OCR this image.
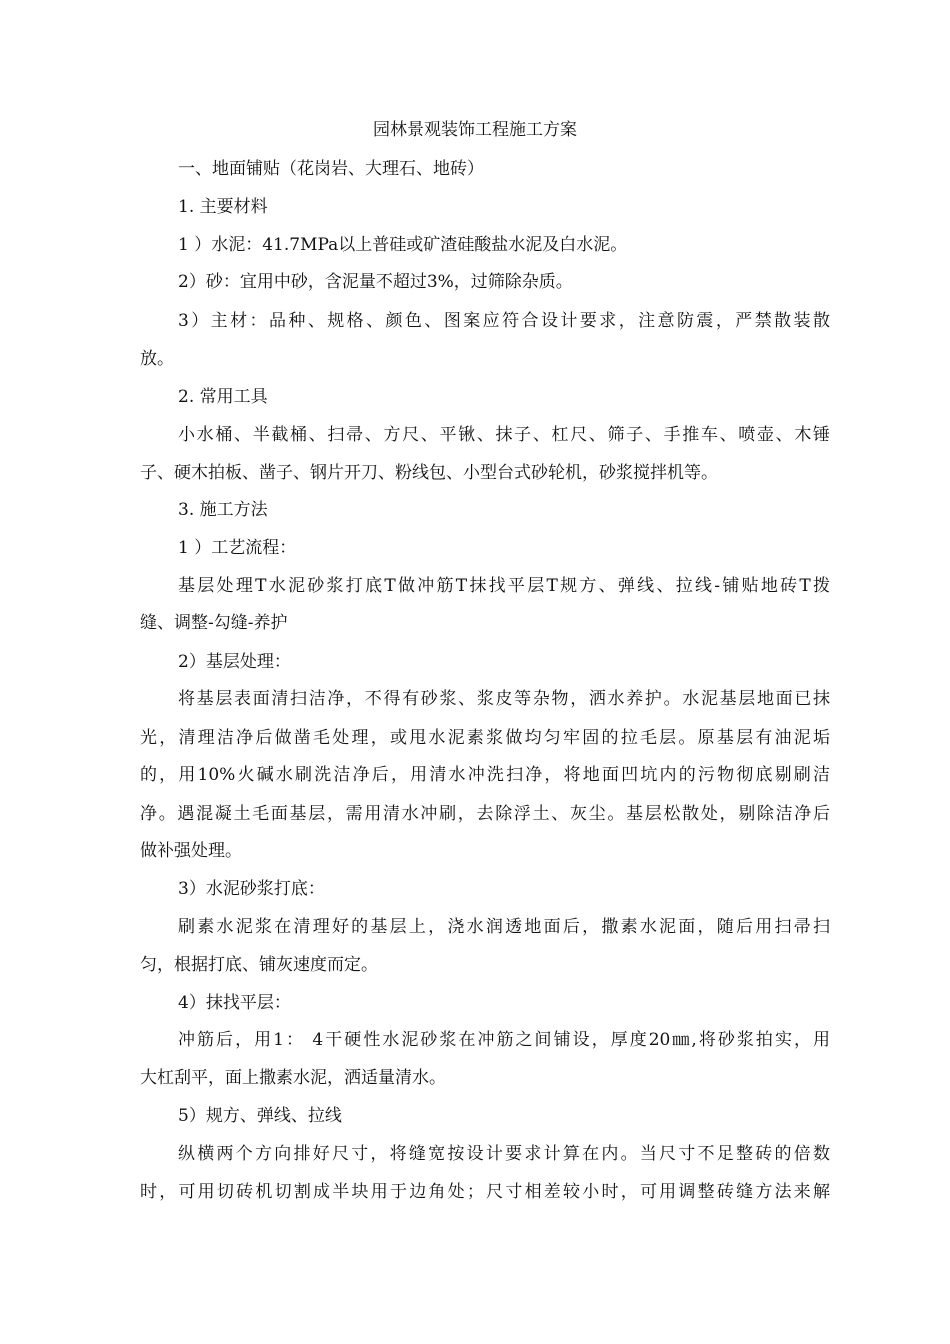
园林景观装饰工程施工方案
一、地面铺贴（花岗岩、大理石、地砖）
1. 主要材料
1 ）水泥：41.7MPa以上普硅或矿渣硅酸盐水泥及白水泥。
2）砂：宜用中砂，含泥量不超过3%，过筛除杂质。
3）主材：品种、规格、颜色、图案应符合设计要求，注意防震，严禁散装散
放。
2. 常用工具
小水桶、半截桶、扫帚、方尺、平锹、抹子、杠尺、筛子、手推车、喷壶、木锤
子、硬木拍板、凿子、钢片开刀、粉线包、小型台式砂轮机，砂浆搅拌机等。
3. 施工方法
1 ）工艺流程：
基层处理T水泥砂浆打底T做冲筋T抹找平层T规方、弹线、拉线-铺贴地砖T拨
缝、调整-勾缝-养护
2）基层处理：
将基层表面清扫洁净，不得有砂浆、浆皮等杂物，洒水养护。水泥基层地面已抹
光，清理洁净后做凿毛处理，或甩水泥素浆做均匀牢固的拉毛层。原基层有油泥垢
的，用10%火碱水刷洗洁净后，用清水冲洗扫净，将地面凹坑内的污物彻底剔刷洁
净。遇混凝土毛面基层，需用清水冲刷，去除浮土、灰尘。基层松散处，剔除洁净后
做补强处理。
3）水泥砂浆打底：
刷素水泥浆在清理好的基层上，浇水润透地面后，撒素水泥面，随后用扫帚扫
匀，根据打底、铺灰速度而定。
4）抹找平层：
冲筋后，用1： 4干硬性水泥砂浆在冲筋之间铺设，厚度20㎜,将砂浆拍实，用
大杠刮平，面上撒素水泥，洒适量清水。
5）规方、弹线、拉线
纵横两个方向排好尺寸，将缝宽按设计要求计算在内。当尺寸不足整砖的倍数
时，可用切砖机切割成半块用于边角处；尺寸相差较小时，可用调整砖缝方法来解
